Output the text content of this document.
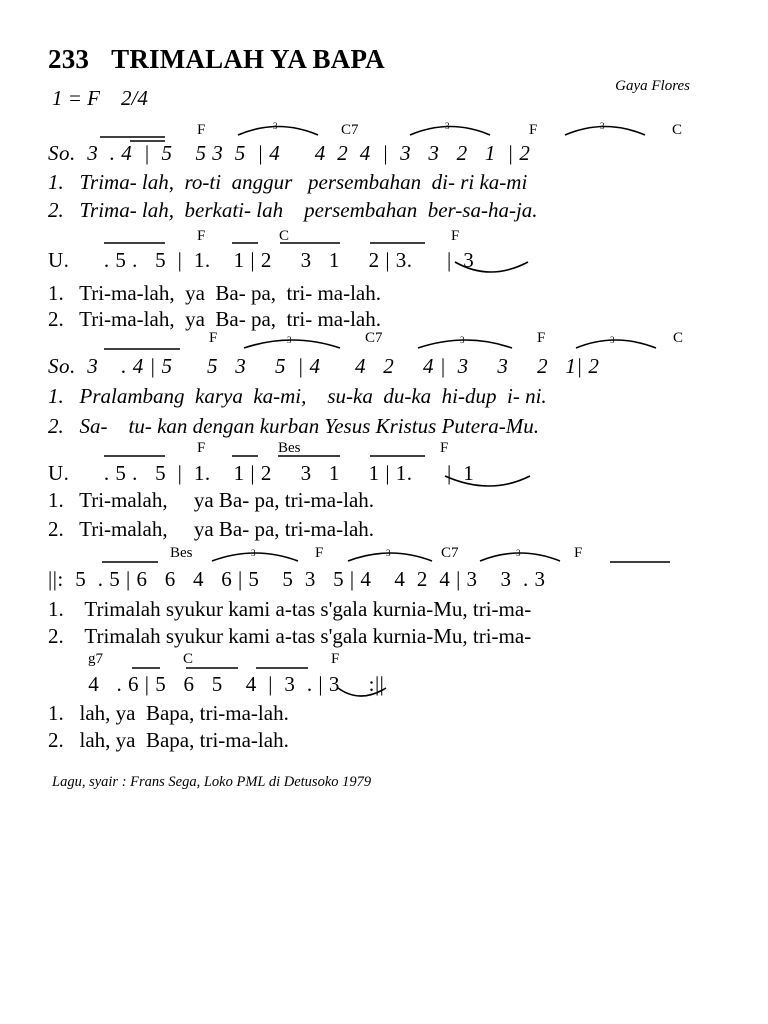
233 TRIMALAH YA BAPA
Gaya Flores
1 = F 2/4
F	C7	F	C
So.  3  . 4  |  5    5 3  5  | 4      4  2  4  |  3   3   2   1  | 2
1.   Trima- lah,  ro-ti  anggur   persembahan  di- ri ka-mi
2.   Trima- lah,  berkati- lah    persembahan  ber-sa-ha-ja.
F	C	F
U.      . 5 .   5  |  1.    1 | 2     3   1     2 | 3.      |  3
1.   Tri-ma-lah,  ya  Ba- pa,  tri- ma-lah.
2.   Tri-ma-lah,  ya  Ba- pa,  tri- ma-lah.
F	C7	F	C
So.  3    . 4 | 5      5   3     5  | 4      4   2     4 |  3     3     2   1| 2
1.   Pralambang  karya  ka-mi,    su-ka  du-ka  hi-dup  i- ni.
2.   Sa-    tu- kan dengan kurban Yesus Kristus Putera-Mu.
F	Bes	F
U.      . 5 .   5  |  1.    1 | 2     3   1     1 | 1.      |  1
1.   Tri-malah,     ya Ba- pa, tri-ma-lah.
2.   Tri-malah,     ya Ba- pa, tri-ma-lah.
Bes	F	C7	F
||:  5  . 5 | 6   6   4   6 | 5    5  3   5 | 4    4  2  4 | 3    3  . 3
1.    Trimalah syukur kami a-tas s'gala kurnia-Mu, tri-ma-
2.    Trimalah syukur kami a-tas s'gala kurnia-Mu, tri-ma-
g7	C	F
4   . 6 | 5   6   5    4  |  3  . | 3     :||
1.   lah, ya  Bapa, tri-ma-lah.
2.   lah, ya  Bapa, tri-ma-lah.
Lagu, syair : Frans Sega, Loko PML di Detusoko 1979
3	3	3
3	3	3
3	3	3
